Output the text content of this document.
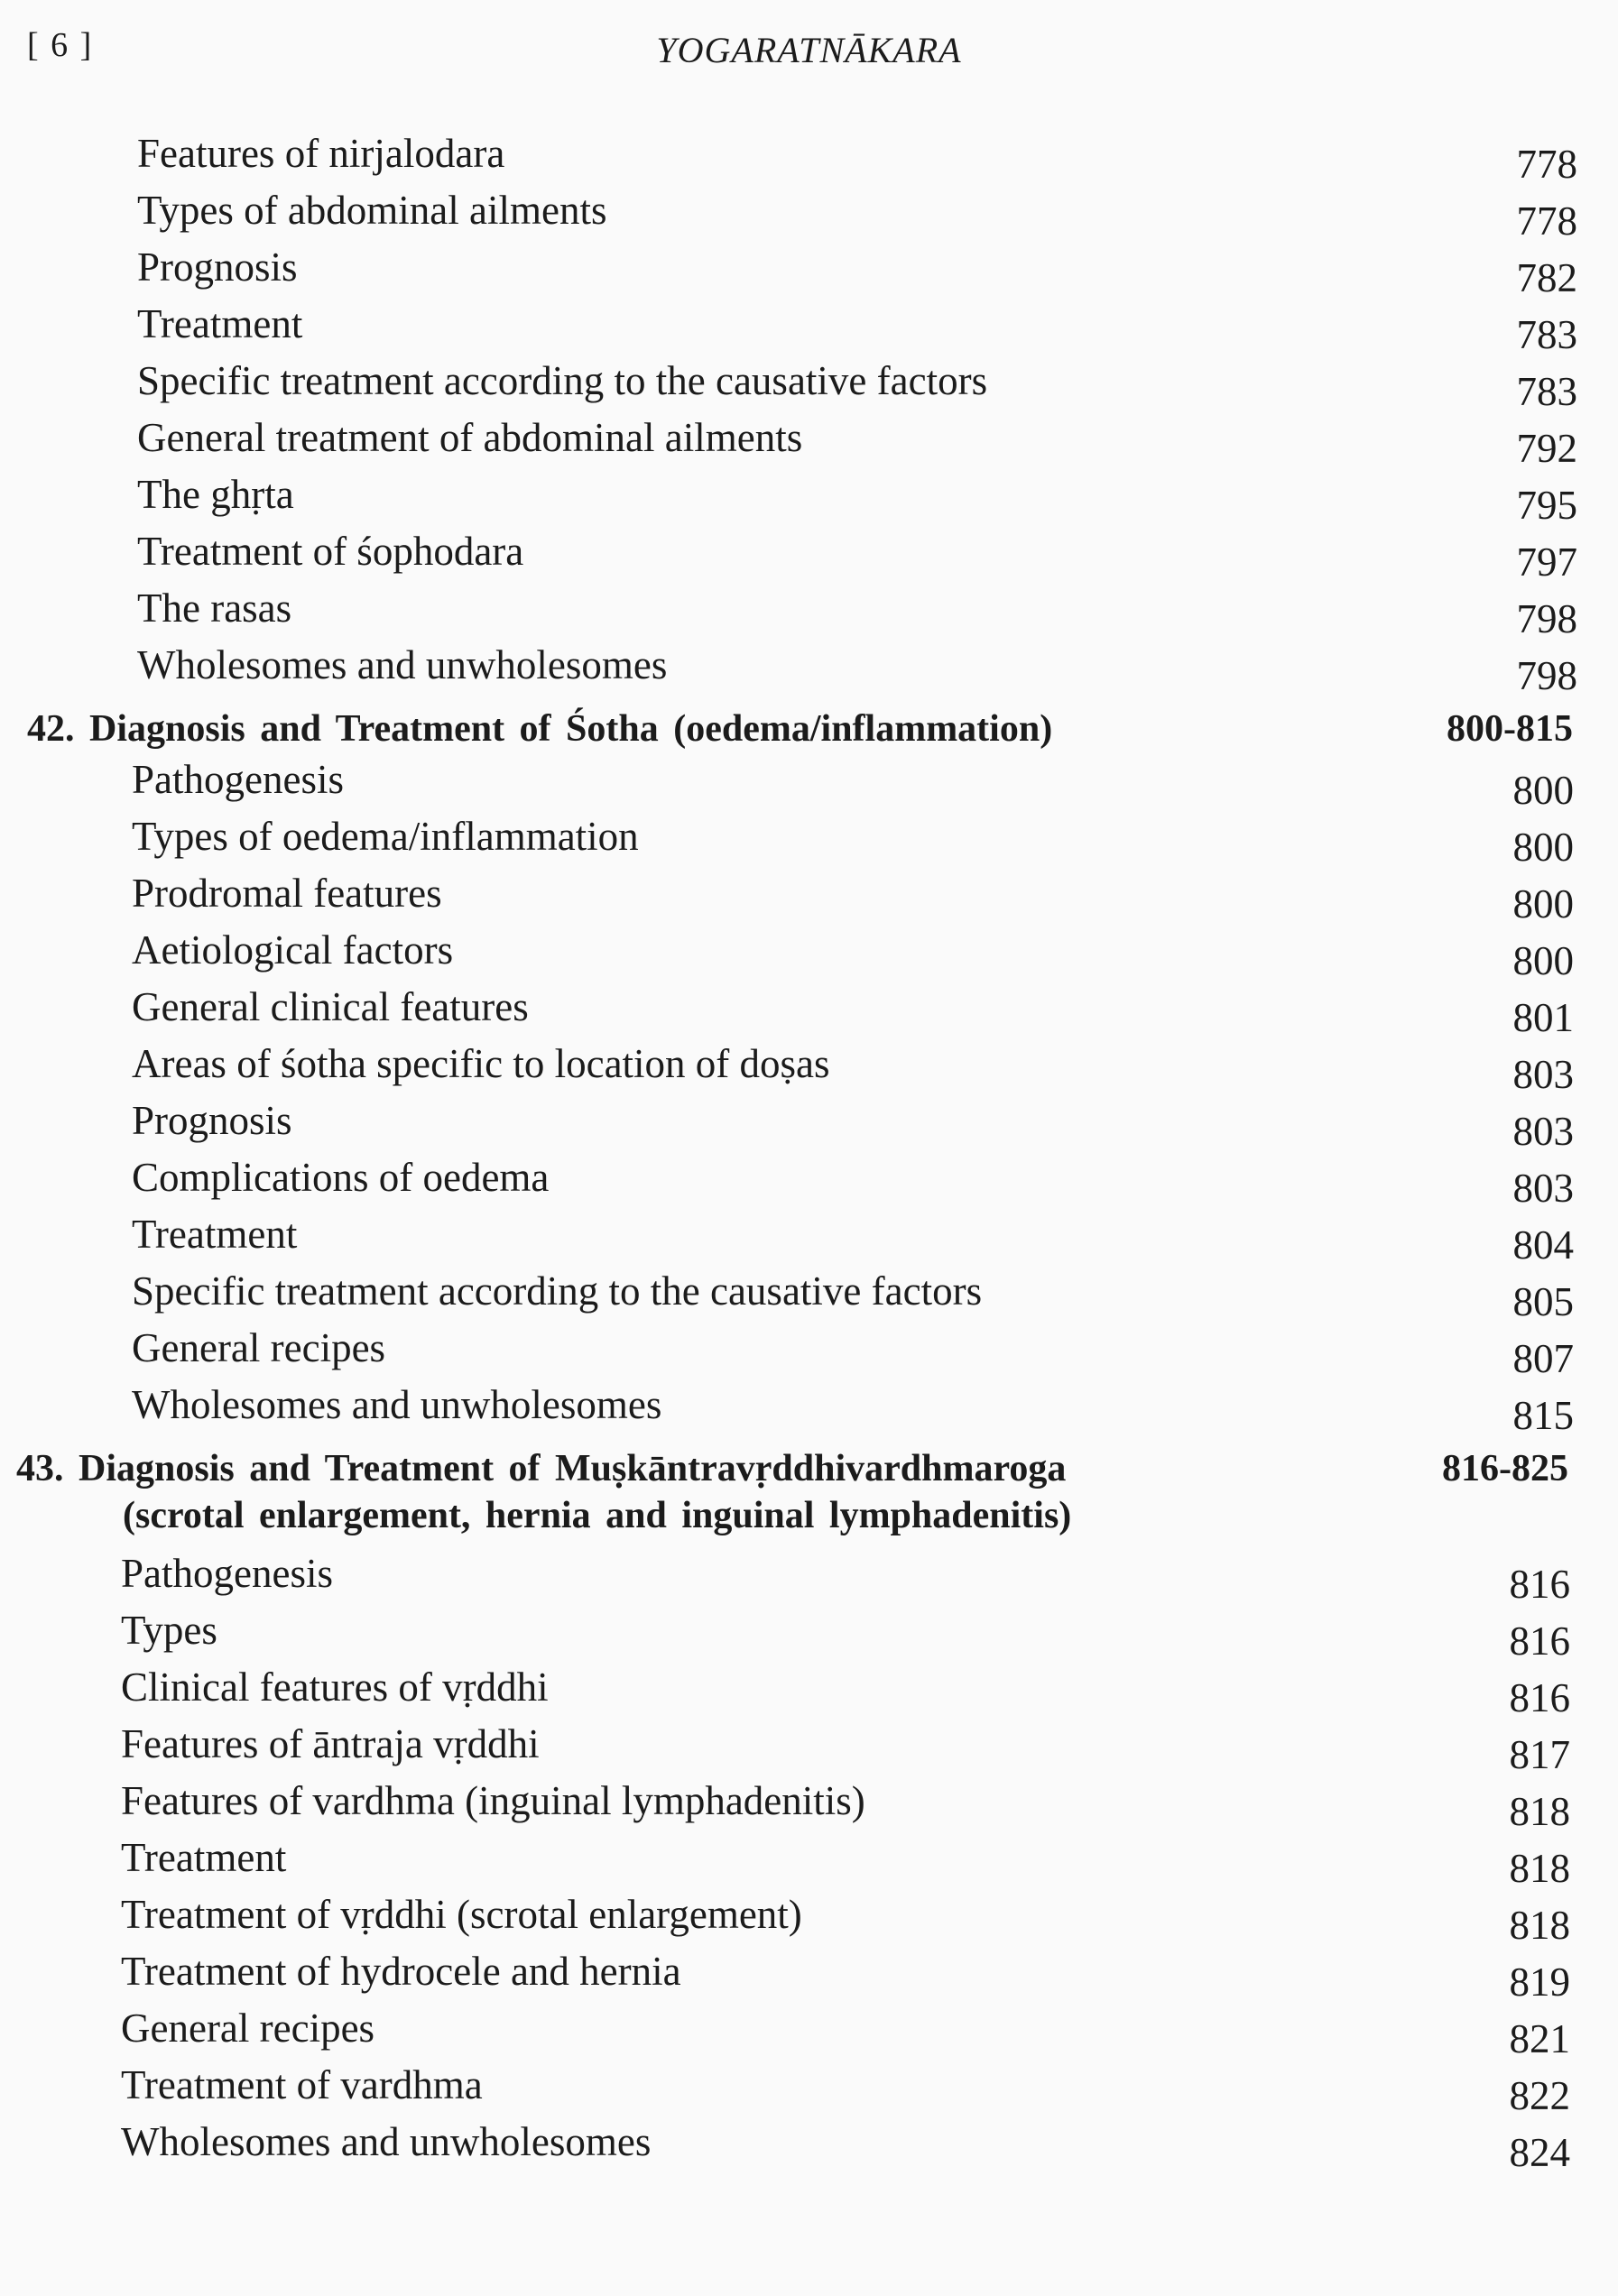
[ 6 ]	YOGARATNĀKARA
Features of nirjalodara	778
Types of abdominal ailments	778
Prognosis	782
Treatment	783
Specific treatment according to the causative factors	783
General treatment of abdominal ailments	792
The ghṛta	795
Treatment of śophodara	797
The rasas	798
Wholesomes and unwholesomes	798
42. Diagnosis and Treatment of Śotha (oedema/inflammation)	800-815
Pathogenesis	800
Types of oedema/inflammation	800
Prodromal features	800
Aetiological factors	800
General clinical features	801
Areas of śotha specific to location of doṣas	803
Prognosis	803
Complications of oedema	803
Treatment	804
Specific treatment according to the causative factors	805
General recipes	807
Wholesomes and unwholesomes	815
43. Diagnosis and Treatment of Muṣkāntravṛddhivardhmaroga	816-825
(scrotal enlargement, hernia and inguinal lymphadenitis)
Pathogenesis	816
Types	816
Clinical features of vṛddhi	816
Features of āntraja vṛddhi	817
Features of vardhma (inguinal lymphadenitis)	818
Treatment	818
Treatment of vṛddhi (scrotal enlargement)	818
Treatment of hydrocele and hernia	819
General recipes	821
Treatment of vardhma	822
Wholesomes and unwholesomes	824
